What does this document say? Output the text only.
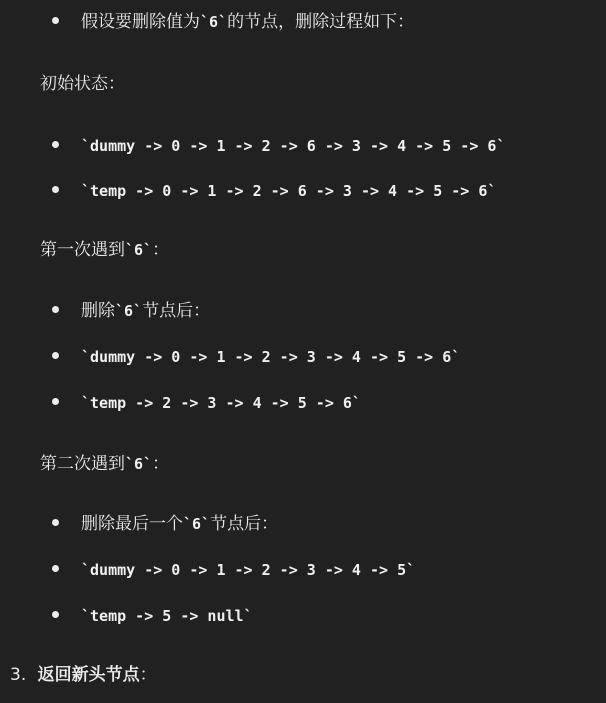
假设要删除值为`6`的节点，删除过程如下：
初始状态：
`dummy -> 0 -> 1 -> 2 -> 6 -> 3 -> 4 -> 5 -> 6`
`temp -> 0 -> 1 -> 2 -> 6 -> 3 -> 4 -> 5 -> 6`
第一次遇到`6`：
删除`6`节点后：
`dummy -> 0 -> 1 -> 2 -> 3 -> 4 -> 5 -> 6`
`temp -> 2 -> 3 -> 4 -> 5 -> 6`
第二次遇到`6`：
删除最后一个`6`节点后：
`dummy -> 0 -> 1 -> 2 -> 3 -> 4 -> 5`
`temp -> 5 -> null`
3. 返回新头节点：
